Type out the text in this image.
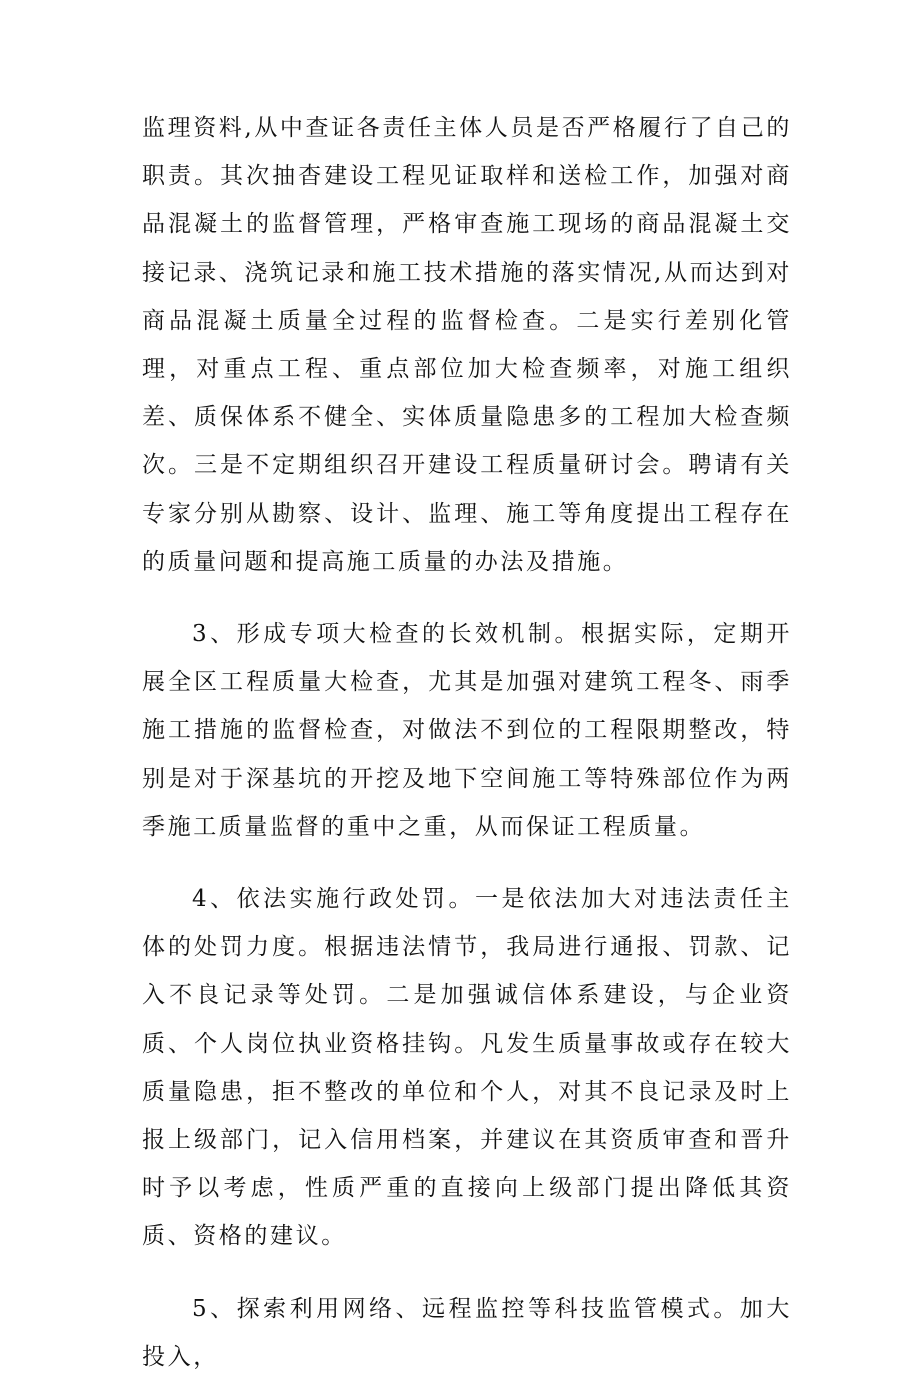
监理资料,从中查证各责任主体人员是否严格履行了自己的职责。其次抽杳建设工程见证取样和送检工作，加强对商品混凝土的监督管理，严格审查施工现场的商品混凝土交接记录、浇筑记录和施工技术措施的落实情况,从而达到对商品混凝土质量全过程的监督检查。二是实行差别化管理，对重点工程、重点部位加大检查频率，对施工组织差、质保体系不健全、实体质量隐患多的工程加大检查频次。三是不定期组织召开建设工程质量研讨会。聘请有关专家分别从勘察、设计、监理、施工等角度提出工程存在的质量问题和提高施工质量的办法及措施。

3、形成专项大检查的长效机制。根据实际，定期开展全区工程质量大检查，尤其是加强对建筑工程冬、雨季施工措施的监督检查，对做法不到位的工程限期整改，特别是对于深基坑的开挖及地下空间施工等特殊部位作为两季施工质量监督的重中之重，从而保证工程质量。

4、依法实施行政处罚。一是依法加大对违法责任主体的处罚力度。根据违法情节，我局进行通报、罚款、记入不良记录等处罚。二是加强诚信体系建设，与企业资质、个人岗位执业资格挂钩。凡发生质量事故或存在较大质量隐患，拒不整改的单位和个人，对其不良记录及时上报上级部门，记入信用档案，并建议在其资质审查和晋升时予以考虑，性质严重的直接向上级部门提出降低其资质、资格的建议。

5、探索利用网络、远程监控等科技监管模式。加大投入，
